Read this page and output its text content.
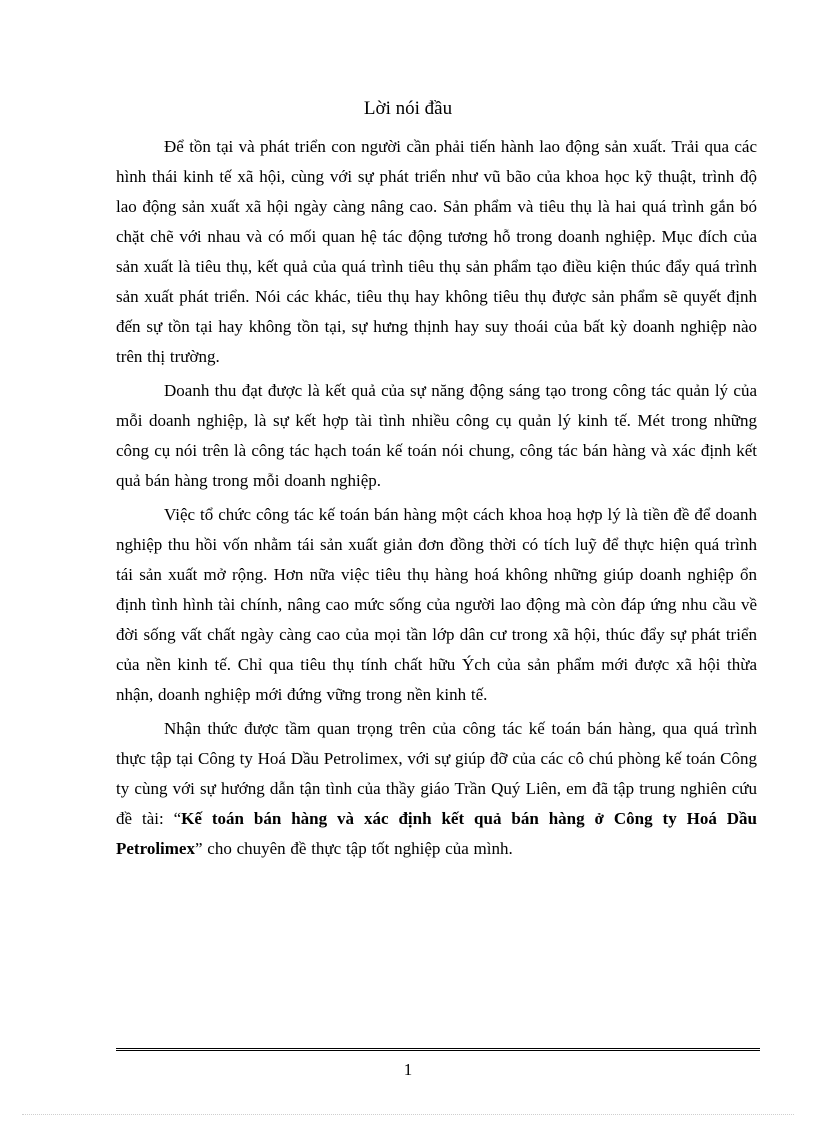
Lời nói đầu

Để tồn tại và phát triển con người cần phải tiến hành lao động sản xuất. Trải qua các hình thái kinh tế xã hội, cùng với sự phát triển như vũ bão của khoa học kỹ thuật, trình độ lao động sản xuất xã hội ngày càng nâng cao. Sản phẩm và tiêu thụ là hai quá trình gắn bó chặt chẽ với nhau và có mối quan hệ tác động tương hỗ trong doanh nghiệp. Mục đích của sản xuất là tiêu thụ, kết quả của quá trình tiêu thụ sản phẩm tạo điều kiện thúc đẩy quá trình sản xuất phát triển. Nói các khác, tiêu thụ hay không tiêu thụ được sản phẩm sẽ quyết định đến sự tồn tại hay không tồn tại, sự hưng thịnh hay suy thoái của bất kỳ doanh nghiệp nào trên thị trường.

Doanh thu đạt được là kết quả của sự năng động sáng tạo trong công tác quản lý của mỗi doanh nghiệp, là sự kết hợp tài tình nhiều công cụ quản lý kinh tế. Mét trong những công cụ nói trên là công tác hạch toán kế toán nói chung, công tác bán hàng và xác định kết quả bán hàng trong mỗi doanh nghiệp.

Việc tổ chức công tác kế toán bán hàng một cách khoa hoạ hợp lý là tiền đề để doanh nghiệp thu hồi vốn nhằm tái sản xuất giản đơn đồng thời có tích luỹ để thực hiện quá trình tái sản xuất mở rộng. Hơn nữa việc tiêu thụ hàng hoá không những giúp doanh nghiệp ổn định tình hình tài chính, nâng cao mức sống của người lao động mà còn đáp ứng nhu cầu về đời sống vất chất ngày càng cao của mọi tần lớp dân cư trong xã hội, thúc đẩy sự phát triển của nền kinh tế. Chỉ qua tiêu thụ tính chất hữu Ých của sản phẩm mới được xã hội thừa nhận, doanh nghiệp mới đứng vững trong nền kinh tế.

Nhận thức được tầm quan trọng trên của công tác kế toán bán hàng, qua quá trình thực tập tại Công ty Hoá Dầu Petrolimex, với sự giúp đỡ của các cô chú phòng kế toán Công ty cùng với sự hướng dẫn tận tình của thầy giáo Trần Quý Liên, em đã tập trung nghiên cứu đề tài: “Kế toán bán hàng và xác định kết quả bán hàng ở Công ty Hoá Dầu Petrolimex” cho chuyên đề thực tập tốt nghiệp của mình.

1
